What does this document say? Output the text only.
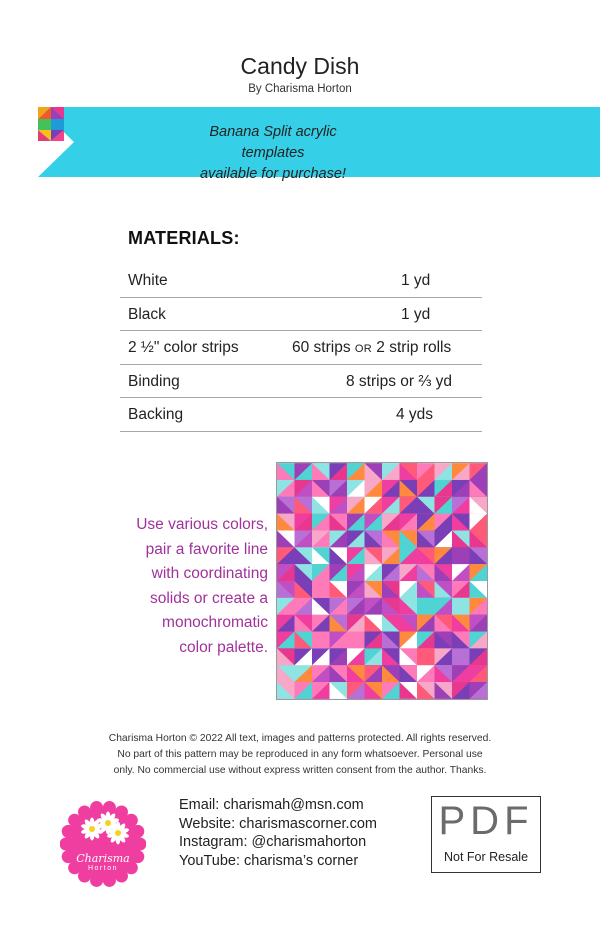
Candy Dish
By Charisma Horton
Banana Split acrylic templates
available for purchase!
MATERIALS:
White	1 yd
Black	1 yd
2 ½" color strips	60 strips OR 2 strip rolls
Binding	8 strips or ⅔ yd
Backing	4 yds
Use various colors,
pair a favorite line
with coordinating
solids or create a
monochromatic
color palette.
Charisma Horton © 2022 All text, images and patterns protected. All rights reserved.
No part of this pattern may be reproduced in any form whatsoever. Personal use
only. No commercial use without express written consent from the author. Thanks.
Charisma
Horton
Email: charismah@msn.com
Website: charismascorner.com
Instagram: @charismahorton
YouTube: charisma’s corner
PDF
Not For Resale
